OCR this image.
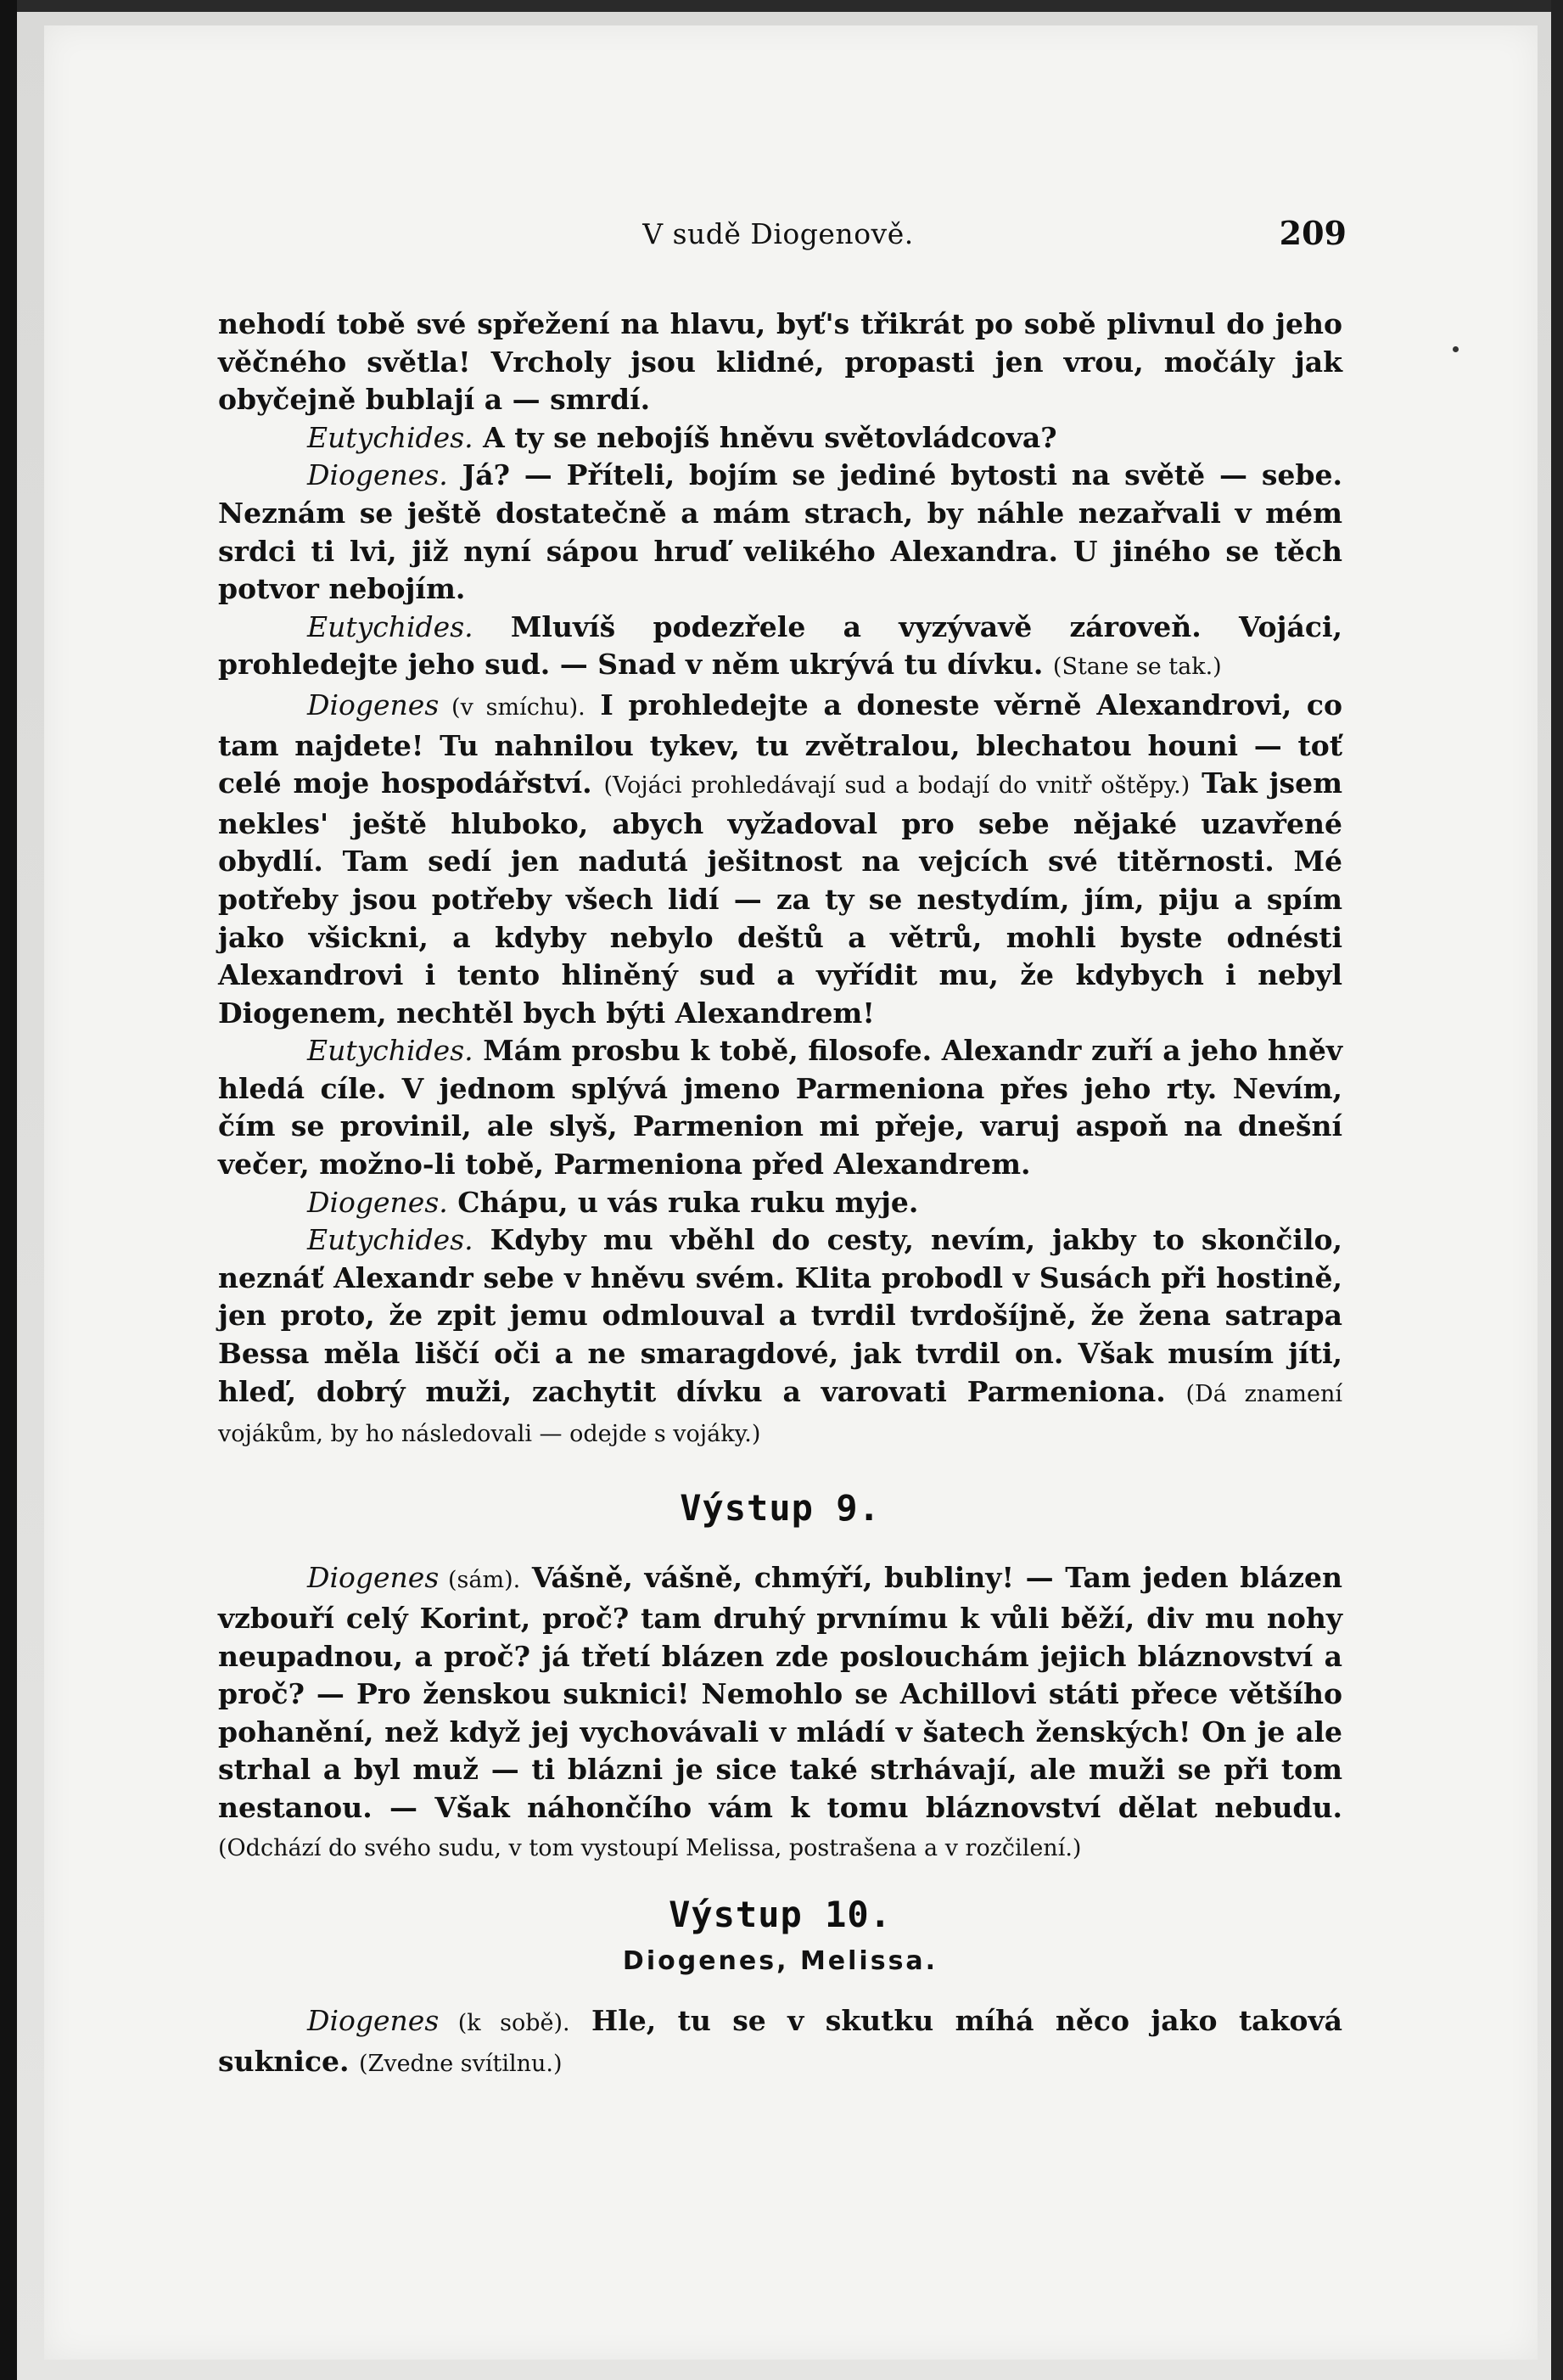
V sudě Diogenově.	209

nehodí tobě své spřežení na hlavu, byť's třikrát po sobě plivnul do jeho věčného světla! Vrcholy jsou klidné, propasti jen vrou, močály jak obyčejně bublají a — smrdí.

Eutychides. A ty se nebojíš hněvu světovládcova?

Diogenes. Já? — Příteli, bojím se jediné bytosti na světě — sebe. Neznám se ještě dostatečně a mám strach, by náhle nezařvali v mém srdci ti lvi, již nyní sápou hruď velikého Alexandra. U jiného se těch potvor nebojím.

Eutychides. Mluvíš podezřele a vyzývavě zároveň. Vojáci, prohledejte jeho sud. — Snad v něm ukrývá tu dívku. (Stane se tak.)

Diogenes (v smíchu). I prohledejte a doneste věrně Alexandrovi, co tam najdete! Tu nahnilou tykev, tu zvětralou, blechatou houni — toť celé moje hospodářství. (Vojáci prohledávají sud a bodají do vnitř oštěpy.) Tak jsem nekles' ještě hluboko, abych vyžadoval pro sebe nějaké uzavřené obydlí. Tam sedí jen nadutá ješitnost na vejcích své titěrnosti. Mé potřeby jsou potřeby všech lidí — za ty se nestydím, jím, piju a spím jako všickni, a kdyby nebylo deštů a větrů, mohli byste odnésti Alexandrovi i tento hliněný sud a vyřídit mu, že kdybych i nebyl Diogenem, nechtěl bych býti Alexandrem!

Eutychides. Mám prosbu k tobě, filosofe. Alexandr zuří a jeho hněv hledá cíle. V jednom splývá jmeno Parmeniona přes jeho rty. Nevím, čím se provinil, ale slyš, Parmenion mi přeje, varuj aspoň na dnešní večer, možno-li tobě, Parmeniona před Alexandrem.

Diogenes. Chápu, u vás ruka ruku myje.

Eutychides. Kdyby mu vběhl do cesty, nevím, jakby to skončilo, neznáť Alexandr sebe v hněvu svém. Klita probodl v Susách při hostině, jen proto, že zpit jemu odmlouval a tvrdil tvrdošíjně, že žena satrapa Bessa měla liščí oči a ne smaragdové, jak tvrdil on. Však musím jíti, hleď, dobrý muži, zachytit dívku a varovati Parmeniona. (Dá znamení vojákům, by ho následovali — odejde s vojáky.)

Výstup 9.

Diogenes (sám). Vášně, vášně, chmýří, bubliny! — Tam jeden blázen vzbouří celý Korint, proč? tam druhý prvnímu k vůli běží, div mu nohy neupadnou, a proč? já třetí blázen zde poslouchám jejich bláznovství a proč? — Pro ženskou suknici! Nemohlo se Achillovi státi přece většího pohanění, než když jej vychovávali v mládí v šatech ženských! On je ale strhal a byl muž — ti blázni je sice také strhávají, ale muži se při tom nestanou. — Však náhončího vám k tomu bláznovství dělat nebudu. (Odchází do svého sudu, v tom vystoupí Melissa, postrašena a v rozčilení.)

Výstup 10.
Diogenes, Melissa.

Diogenes (k sobě). Hle, tu se v skutku míhá něco jako taková suknice. (Zvedne svítilnu.)
